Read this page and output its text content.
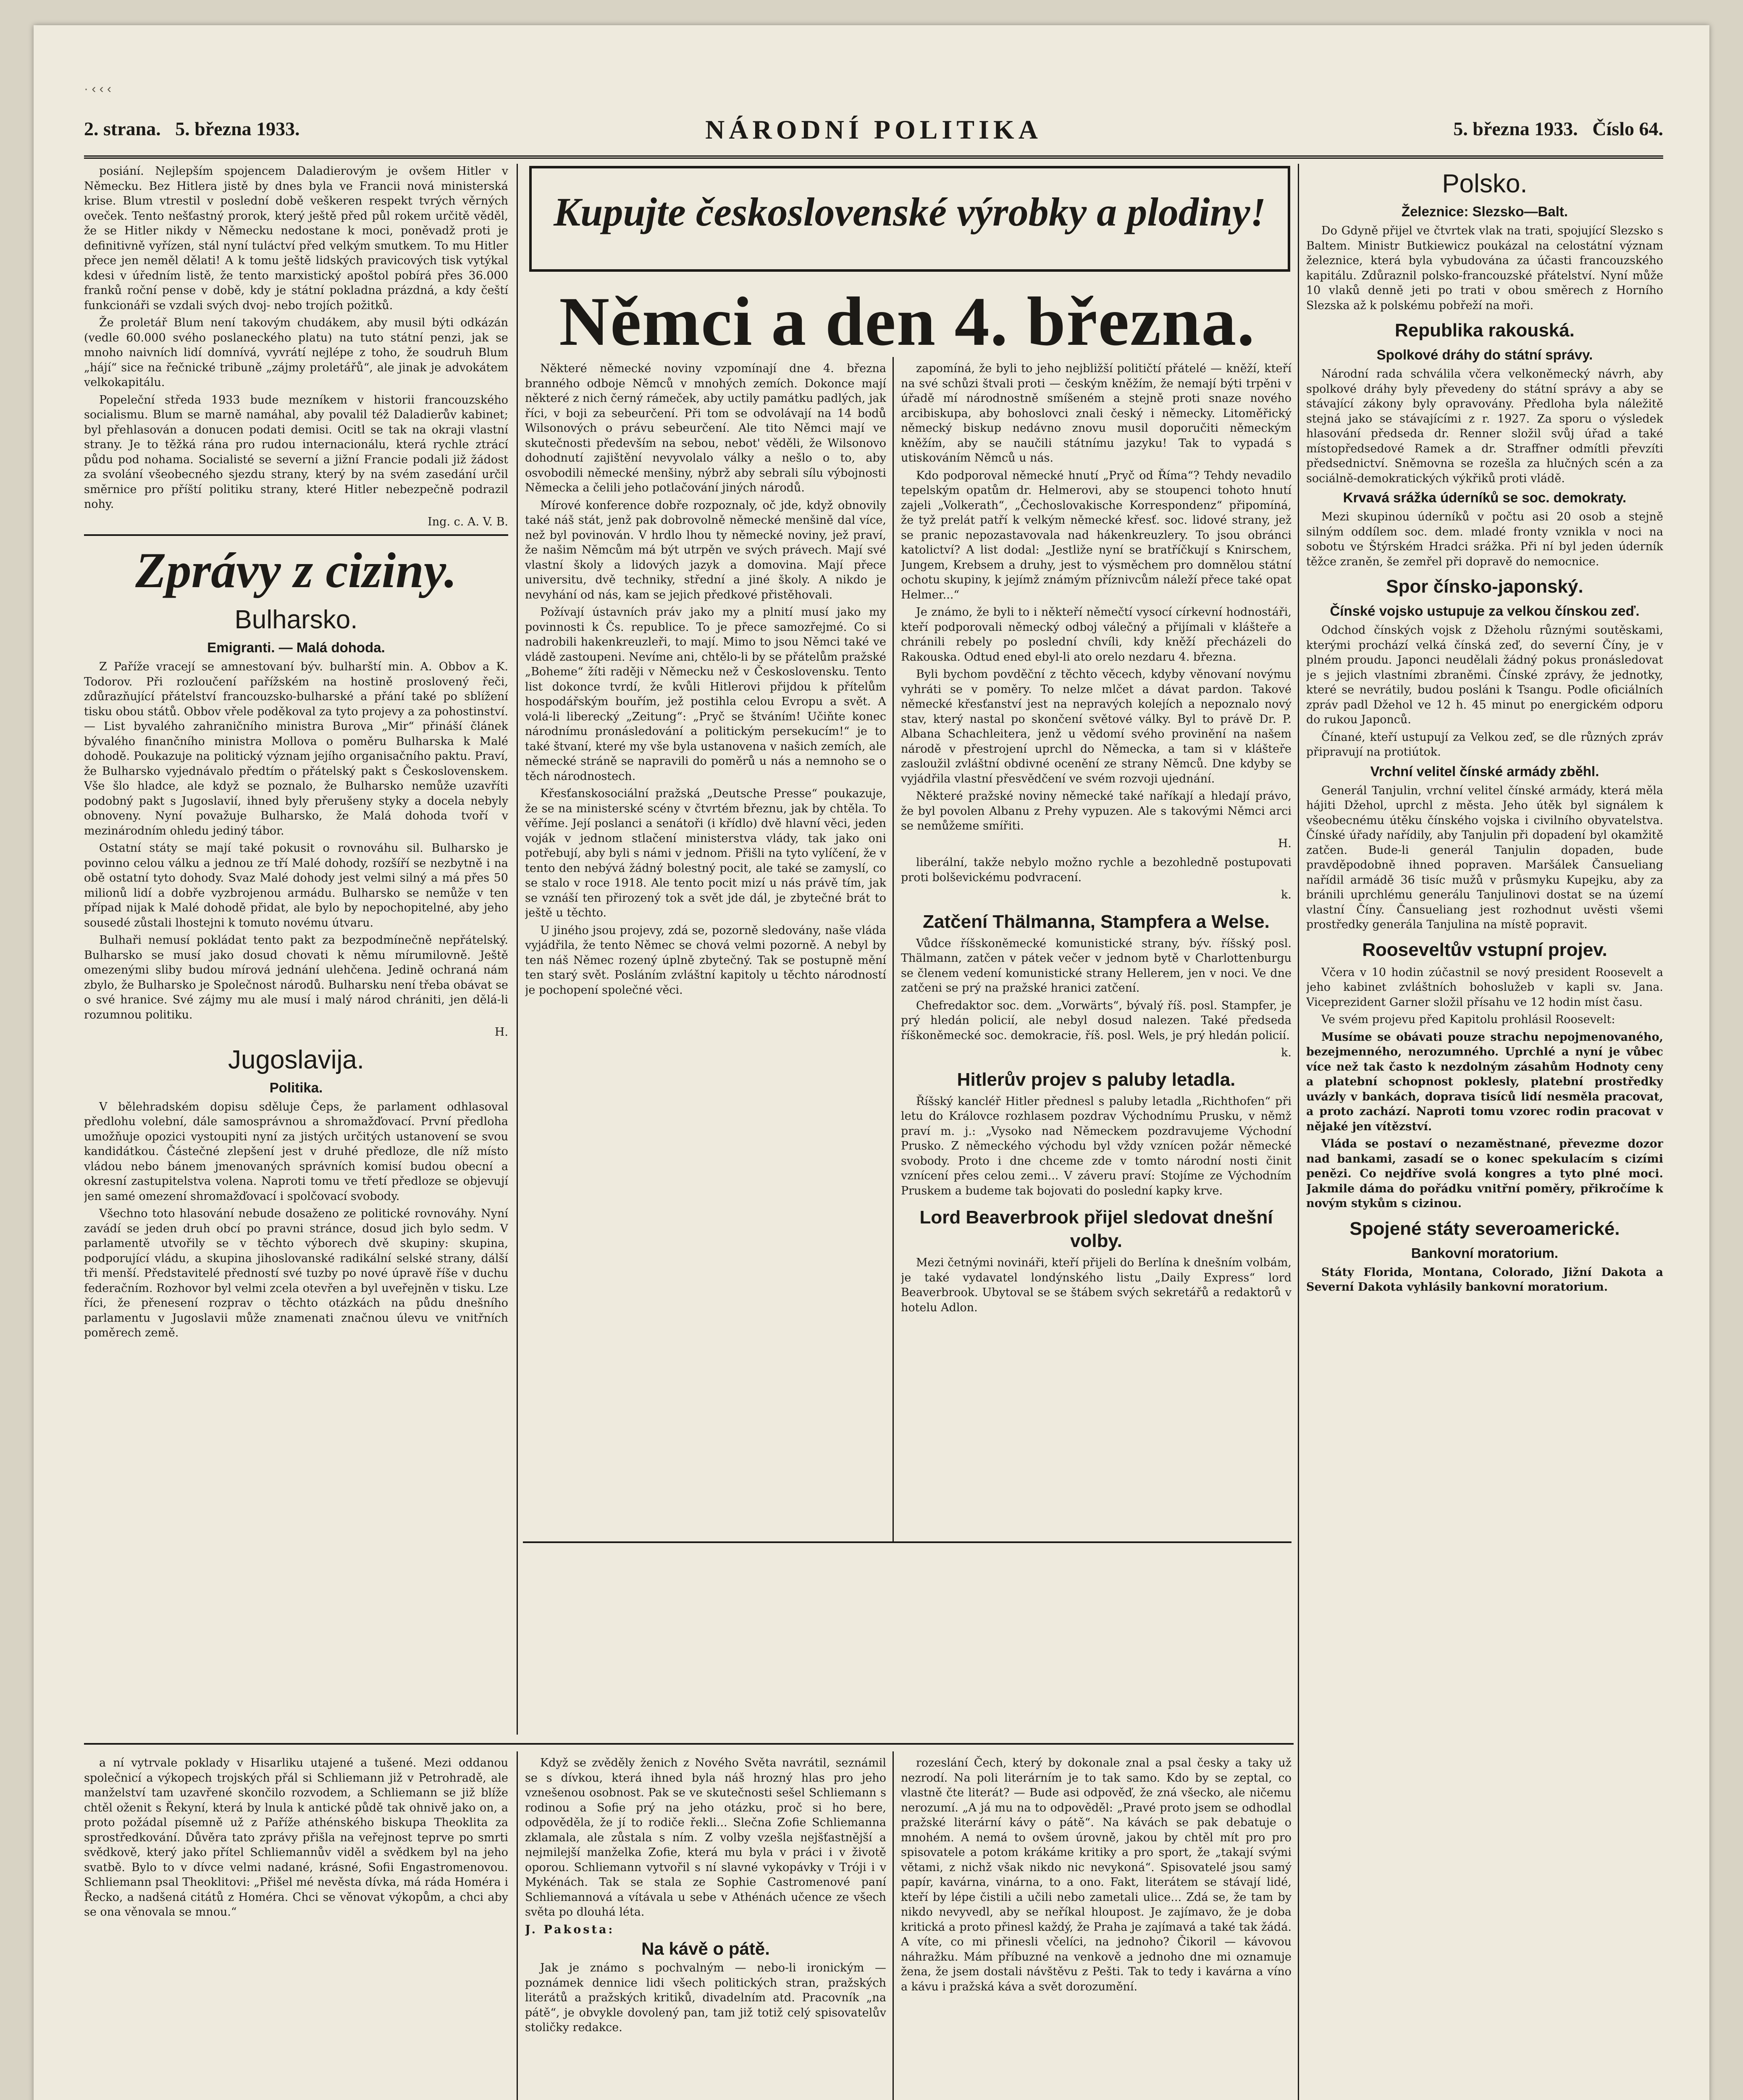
· ‹ ‹ ‹
2. strana. 5. března 1933.	NÁRODNÍ POLITIKA	5. března 1933. Číslo 64.
Kupujte československé výrobky a plodiny!
Němci a den 4. března.

posiání. Nejlepším spojencem Daladierovým je ovšem Hitler v Německu. Bez Hitlera jistě by dnes byla ve Francii nová ministerská krise. Blum vtrestil v poslední době veškeren respekt tvrých věrných oveček. Tento nešťastný prorok, který ještě před půl rokem určitě věděl, že se Hitler nikdy v Německu nedostane k moci, poněvadž proti je definitivně vyřízen, stál nyní tuláctví před velkým smutkem. To mu Hitler přece jen neměl dělati! A k tomu ještě lidských pravicových tisk vytýkal kdesi v úředním listě, že tento marxistický apoštol pobírá přes 36.000 franků roční pense v době, kdy je státní pokladna prázdná, a kdy čeští funkcionáři se vzdali svých dvoj- nebo trojích požitků.

Že proletář Blum není takovým chudákem, aby musil býti odkázán (vedle 60.000 svého poslaneckého platu) na tuto státní penzi, jak se mnoho naivních lidí domnívá, vyvrátí nejlépe z toho, že soudruh Blum „hájí“ sice na řečnické tribuně „zájmy proletářů“, ale jinak je advokátem velkokapitálu.

Popeleční středa 1933 bude mezníkem v historii francouzského socialismu. Blum se marně namáhal, aby povalil též Daladierův kabinet; byl přehlasován a donucen podati demisi. Ocitl se tak na okraji vlastní strany. Je to těžká rána pro rudou internacionálu, která rychle ztrácí půdu pod nohama. Socialisté se severní a jižní Francie podali již žádost za svolání všeobecného sjezdu strany, který by na svém zasedání určil směrnice pro příští politiku strany, které Hitler nebezpečně podrazil nohy.

Ing. c. A. V. B.
Zprávy z ciziny.
Bulharsko.
Emigranti. — Malá dohoda.

Z Paříže vracejí se amnestovaní býv. bulharští min. A. Obbov a K. Todorov. Při rozloučení pařížském na hostině proslovený řeči, zdůrazňující přátelství francouzsko-bulharské a přání také po sblížení tisku obou států. Obbov vřele poděkoval za tyto projevy a za pohostinství. — List byvalého zahraničního ministra Burova „Mir“ přináší článek bývalého finančního ministra Mollova o poměru Bulharska k Malé dohodě. Poukazuje na politický význam jejího organisačního paktu. Praví, že Bulharsko vyjednávalo předtím o přátelský pakt s Československem. Vše šlo hladce, ale když se poznalo, že Bulharsko nemůže uzavříti podobný pakt s Jugoslavií, ihned byly přerušeny styky a docela nebyly obnoveny. Nyní považuje Bulharsko, že Malá dohoda tvoří v mezinárodním ohledu jediný tábor.

Ostatní státy se mají také pokusit o rovnováhu sil. Bulharsko je povinno celou válku a jednou ze tří Malé dohody, rozšíří se nezbytně i na obě ostatní tyto dohody. Svaz Malé dohody jest velmi silný a má přes 50 milionů lidí a dobře vyzbrojenou armádu. Bulharsko se nemůže v ten případ nijak k Malé dohodě přidat, ale bylo by nepochopitelné, aby jeho sousedé zůstali lhostejni k tomuto novému útvaru.

Bulhaři nemusí pokládat tento pakt za bezpodmínečně nepřátelský. Bulharsko se musí jako dosud chovati k němu mírumilovně. Ještě omezenými sliby budou mírová jednání ulehčena. Jedině ochraná nám zbylo, že Bulharsko je Společnost národů. Bulharsku není třeba obávat se o své hranice. Své zájmy mu ale musí i malý národ chrániti, jen dělá-li rozumnou politiku.

H.
Jugoslavija.
Politika.

V bělehradském dopisu sděluje Čeps, že parlament odhlasoval předlohu volební, dále samosprávnou a shromažďovací. První předloha umožňuje opozici vystoupiti nyní za jistých určitých ustanovení se svou kandidátkou. Částečné zlepšení jest v druhé předloze, dle níž místo vládou nebo bánem jmenovaných správních komisí budou obecní a okresní zastupitelstva volena. Naproti tomu ve třetí předloze se objevují jen samé omezení shromažďovací i spolčovací svobody.

Všechno toto hlasování nebude dosaženo ze politické rovnováhy. Nyní zavádí se jeden druh obcí po pravni stránce, dosud jich bylo sedm. V parlamentě utvořily se v těchto výborech dvě skupiny: skupina, podporující vládu, a skupina jihoslovanské radikální selské strany, dálší tři menší. Představitelé předností své tuzby po nové úpravě říše v duchu federačním. Rozhovor byl velmi zcela otevřen a byl uveřejněn v tisku. Lze říci, že přenesení rozprav o těchto otázkách na půdu dnešního parlamentu v Jugoslavii může znamenati značnou úlevu ve vnitřních poměrech země.

Některé německé noviny vzpomínají dne 4. března branného odboje Němců v mnohých zemích. Dokonce mají některé z nich černý rámeček, aby uctily památku padlých, jak říci, v boji za sebeurčení. Při tom se odvolávají na 14 bodů Wilsonových o právu sebeurčení. Ale tito Němci mají ve skutečnosti především na sebou, nebot' věděli, že Wilsonovo dohodnutí zajištění nevyvolalo války a nešlo o to, aby osvobodili německé menšiny, nýbrž aby sebrali sílu výbojnosti Německa a čelili jeho potlačování jiných národů.

Mírové konference dobře rozpoznaly, oč jde, když obnovily také náš stát, jenž pak dobrovolně německé menšině dal více, než byl povinován. V hrdlo lhou ty německé noviny, jež praví, že našim Němcům má být utrpěn ve svých právech. Mají své vlastní školy a lidových jazyk a domovina. Mají přece universitu, dvě techniky, střední a jiné školy. A nikdo je nevyhání od nás, kam se jejich předkové přistěhovali.

Požívají ústavních práv jako my a plnití musí jako my povinnosti k Čs. republice. To je přece samozřejmé. Co si nadrobili hakenkreuzleři, to mají. Mimo to jsou Němci také ve vládě zastoupeni. Nevíme ani, chtělo-li by se přátelům pražské „Boheme“ žíti raději v Německu než v Československu. Tento list dokonce tvrdí, že kvůli Hitlerovi přijdou k přítelům hospodářským bouřím, jež postihla celou Evropu a svět. A volá-li liberecký „Zeitung“: „Pryč se štváním! Učiňte konec národnímu pronásledování a politickým persekucím!“ je to také štvaní, které my vše byla ustanovena v našich zemích, ale německé stráně se napravili do poměrů u nás a nemnoho se o těch národnostech.

Křesťanskosociální pražská „Deutsche Presse“ poukazuje, že se na ministerské scény v čtvrtém březnu, jak by chtěla. To věříme. Její poslanci a senátoři (i křídlo) dvě hlavní věci, jeden voják v jednom stlačení ministerstva vlády, tak jako oni potřebují, aby byli s námi v jednom. Přišli na tyto vylíčení, že v tento den nebývá žádný bolestný pocit, ale také se zamyslí, co se stalo v roce 1918. Ale tento pocit mizí u nás právě tím, jak se vznáší ten přirozený tok a svět jde dál, je zbytečné brát to ještě u těchto.

U jiného jsou projevy, zdá se, pozorně sledovány, naše vláda vyjádřila, že tento Němec se chová velmi pozorně. A nebyl by ten náš Němec rozený úplně zbytečný. Tak se postupně mění ten starý svět. Posláním zvláštní kapitoly u těchto národností je pochopení společné věci.

zapomíná, že byli to jeho nejbližší političtí přátelé — kněží, kteří na své schůzi štvali proti — českým kněžím, že nemají býti trpěni v úřadě mí národnostně smíšeném a stejně proti snaze nového arcibiskupa, aby bohoslovci znali český i německy. Litoměřický německý biskup nedávno znovu musil doporučiti německým kněžím, aby se naučili státnímu jazyku! Tak to vypadá s utiskováním Němců u nás.

Kdo podporoval německé hnutí „Pryč od Říma“? Tehdy nevadilo tepelským opatům dr. Helmerovi, aby se stoupenci tohoto hnutí zajeli „Volkerath“, „Čechoslovakische Korrespondenz“ připomíná, že tyž prelát patří k velkým německé křesť. soc. lidové strany, jež se pranic nepozastavovala nad hákenkreuzlery. To jsou obránci katolictví? A list dodal: „Jestliže nyní se bratříčkují s Knirschem, Jungem, Krebsem a druhy, jest to výsměchem pro domnělou státní ochotu skupiny, k jejímž známým příznivcům náleží přece také opat Helmer...“

Je známo, že byli to i někteří němečtí vysocí církevní hodnostáři, kteří podporovali německý odboj válečný a přijímali v klášteře a chránili rebely po poslední chvíli, kdy kněží přecházeli do Rakouska. Odtud ened ebyl-li ato orelo nezdaru 4. března.

Byli bychom povděční z těchto věcech, kdyby věnovaní novýmu vyhráti se v poměry. To nelze mlčet a dávat pardon. Takové německé křesťanství jest na nepravých kolejích a nepoznalo nový stav, který nastal po skončení světové války. Byl to právě Dr. P. Albana Schachleitera, jenž u vědomí svého provinění na našem národě v přestrojení uprchl do Německa, a tam si v klášteře zasloužil zvláštní obdivné ocenění ze strany Němců. Dne kdyby se vyjádřila vlastní přesvědčení ve svém rozvoji ujednání.

Některé pražské noviny německé také naříkají a hledají právo, že byl povolen Albanu z Prehy vypuzen. Ale s takovými Němci arci se nemůžeme smířiti.

H.

liberální, takže nebylo možno rychle a bezohledně postupovati proti bolševickému podvracení.

k.
Zatčení Thälmanna, Stampfera a Welse.

Vůdce říšskoněmecké komunistické strany, býv. říšský posl. Thälmann, zatčen v pátek večer v jednom bytě v Charlottenburgu se členem vedení komunistické strany Hellerem, jen v noci. Ve dne zatčeni se prý na pražské hranici zatčení.

Chefredaktor soc. dem. „Vorwärts“, bývalý říš. posl. Stampfer, je prý hledán policií, ale nebyl dosud nalezen. Také předseda říškoněmecké soc. demokracie, říš. posl. Wels, je prý hledán policií.

k.
Hitlerův projev s paluby letadla.

Říšský kancléř Hitler přednesl s paluby letadla „Richthofen“ při letu do Královce rozhlasem pozdrav Východnímu Prusku, v němž praví m. j.: „Vysoko nad Německem pozdravujeme Východní Prusko. Z německého východu byl vždy vznícen požár německé svobody. Proto i dne chceme zde v tomto národní nosti činit vznícení přes celou zemi... V záveru praví: Stojíme ze Východním Pruskem a budeme tak bojovati do poslední kapky krve.

Lord Beaverbrook přijel sledovat dnešní volby.

Mezi četnými novináři, kteří přijeli do Berlína k dnešním volbám, je také vydavatel londýnského listu „Daily Express“ lord Beaverbrook. Ubytoval se se štábem svých sekretářů a redaktorů v hotelu Adlon.

Polsko.
Železnice: Slezsko—Balt.

Do Gdyně přijel ve čtvrtek vlak na trati, spojující Slezsko s Baltem. Ministr Butkiewicz poukázal na celostátní význam železnice, která byla vybudována za účasti francouzského kapitálu. Zdůraznil polsko-francouzské přátelství. Nyní může 10 vlaků denně jeti po trati v obou směrech z Horního Slezska až k polskému pobřeží na moři.

Republika rakouská.
Spolkové dráhy do státní správy.

Národní rada schválila včera velkoněmecký návrh, aby spolkové dráhy byly převedeny do státní správy a aby se stávající zákony byly opravovány. Předloha byla náležitě stejná jako se stávajícími z r. 1927. Za sporu o výsledek hlasování předseda dr. Renner složil svůj úřad a také místopředsedové Ramek a dr. Straffner odmítli převzíti předsednictví. Sněmovna se rozešla za hlučných scén a za sociálně-demokratických výkřiků proti vládě.

Krvavá srážka úderníků se soc. demokraty.

Mezi skupinou úderníků v počtu asi 20 osob a stejně silným oddílem soc. dem. mladé fronty vznikla v noci na sobotu ve Štýrském Hradci srážka. Při ní byl jeden úderník těžce zraněn, še zemřel při dopravě do nemocnice.

Spor čínsko-japonský.
Čínské vojsko ustupuje za velkou čínskou zeď.

Odchod čínských vojsk z Džeholu různými soutěskami, kterými prochází velká čínská zeď, do severní Číny, je v plném proudu. Japonci neudělali žádný pokus pronásledovat je s jejich vlastními zbraněmi. Čínské zprávy, že jednotky, které se nevrátily, budou posláni k Tsangu. Podle oficiálních zpráv padl Džehol ve 12 h. 45 minut po energickém odporu do rukou Japonců.

Čínané, kteří ustupují za Velkou zeď, se dle různých zpráv připravují na protiútok.

Vrchní velitel čínské armády zběhl.

Generál Tanjulin, vrchní velitel čínské armády, která měla hájiti Džehol, uprchl z města. Jeho útěk byl signálem k všeobecnému útěku čínského vojska i civilního obyvatelstva. Čínské úřady nařídily, aby Tanjulin při dopadení byl okamžitě zatčen. Bude-li generál Tanjulin dopaden, bude pravděpodobně ihned popraven. Maršálek Čansueliang nařídil armádě 36 tisíc mužů v průsmyku Kupejku, aby za bránili uprchlému generálu Tanjulinovi dostat se na území vlastní Číny. Čansueliang jest rozhodnut uvěsti všemi prostředky generála Tanjulina na místě popravit.

Rooseveltův vstupní projev.

Včera v 10 hodin zúčastnil se nový president Roosevelt a jeho kabinet zvláštních bohoslužeb v kapli sv. Jana. Viceprezident Garner složil přísahu ve 12 hodin míst času.

Ve svém projevu před Kapitolu prohlásil Roosevelt:

Musíme se obávati pouze strachu nepojmenovaného, bezejmenného, nerozumného. Uprchlé a nyní je vůbec více než tak často k nezdolným zásahům Hodnoty ceny a platební schopnost poklesly, platební prostředky uvázly v bankách, doprava tisíců lidí nesměla pracovat, a proto zachází. Naproti tomu vzorec rodin pracovat v nějaké jen vítězství.

Vláda se postaví o nezaměstnané, převezme dozor nad bankami, zasadí se o konec spekulacím s cizími penězi. Co nejdříve svolá kongres a tyto plné moci. Jakmile dáma do pořádku vnitřní poměry, přikročíme k novým stykům s cizinou.

Spojené státy severoamerické.
Bankovní moratorium.

Státy Florida, Montana, Colorado, Jižní Dakota a Severní Dakota vyhlásily bankovní moratorium.

a ní vytrvale poklady v Hisarliku utajené a tušené. Mezi oddanou společnicí a výkopech trojských přál si Schliemann již v Petrohradě, ale manželství tam uzavřené skončilo rozvodem, a Schliemann se již blíže chtěl oženit s Řekyní, která by lnula k antické půdě tak ohnivě jako on, a proto požádal písemně už z Paříže athénského biskupa Theoklita za sprostředkování. Důvěra tato zprávy přišla na veřejnost teprve po smrti svědkově, který jako přítel Schliemannův viděl a svědkem byl na jeho svatbě. Bylo to v dívce velmi nadané, krásné, Sofii Engastromenovou. Schliemann psal Theoklitovi: „Přišel mé nevěsta dívka, má ráda Homéra i Řecko, a nadšená citátů z Homéra. Chci se věnovat výkopům, a chci aby se ona věnovala se mnou.“

Když se zvěděly ženich z Nového Světa navrátil, seznámil se s dívkou, která ihned byla náš hrozný hlas pro jeho vznešenou osobnost. Pak se ve skutečnosti sešel Schliemann s rodinou a Sofie prý na jeho otázku, proč si ho bere, odpověděla, že jí to rodiče řekli... Slečna Zofie Schliemanna zklamala, ale zůstala s ním. Z volby vzešla nejšťastnější a nejmilejší manželka Zofie, která mu byla v práci i v životě oporou. Schliemann vytvořil s ní slavné vykopávky v Tróji i v Mykénách. Tak se stala ze Sophie Castromenové paní Schliemannová a vítávala u sebe v Athénách učence ze všech světa po dlouhá léta.

J. Pakosta:
Na kávě o pátě.

Jak je známo s pochvalným — nebo-li ironickým — poznámek dennice lidi všech politických stran, pražských literátů a pražských kritiků, divadelním atd. Pracovník „na pátě“, je obvykle dovolený pan, tam již totiž celý spisovatelův stoličky redakce.

rozeslání Čech, který by dokonale znal a psal česky a taky už nezrodí. Na poli literárním je to tak samo. Kdo by se zeptal, co vlastně čte literát? — Bude asi odpověď, že zná všecko, ale ničemu nerozumí. „A já mu na to odpověděl: „Pravé proto jsem se odhodlal pražské literární kávy o pátě“. Na kávách se pak debatuje o mnohém. A nemá to ovšem úrovně, jakou by chtěl mít pro pro spisovatele a potom krákáme kritiky a pro sport, že „takají svými větami, z nichž však nikdo nic nevykoná“. Spisovatelé jsou samý papír, kavárna, vinárna, to a ono. Fakt, literátem se stávají lidé, kteří by lépe čistili a učili nebo zametali ulice... Zdá se, že tam by nikdo nevyvedl, aby se neříkal hloupost. Je zajímavo, že je doba kritická a proto přinesl každý, že Praha je zajímavá a také tak žádá. A víte, co mi přinesli včelíci, na jednoho? Čikoril — kávovou náhražku. Mám příbuzné na venkově a jednoho dne mi oznamuje žena, že jsem dostali návštěvu z Pešti. Tak to tedy i kavárna a víno a kávu i pražská káva a svět dorozumění.
